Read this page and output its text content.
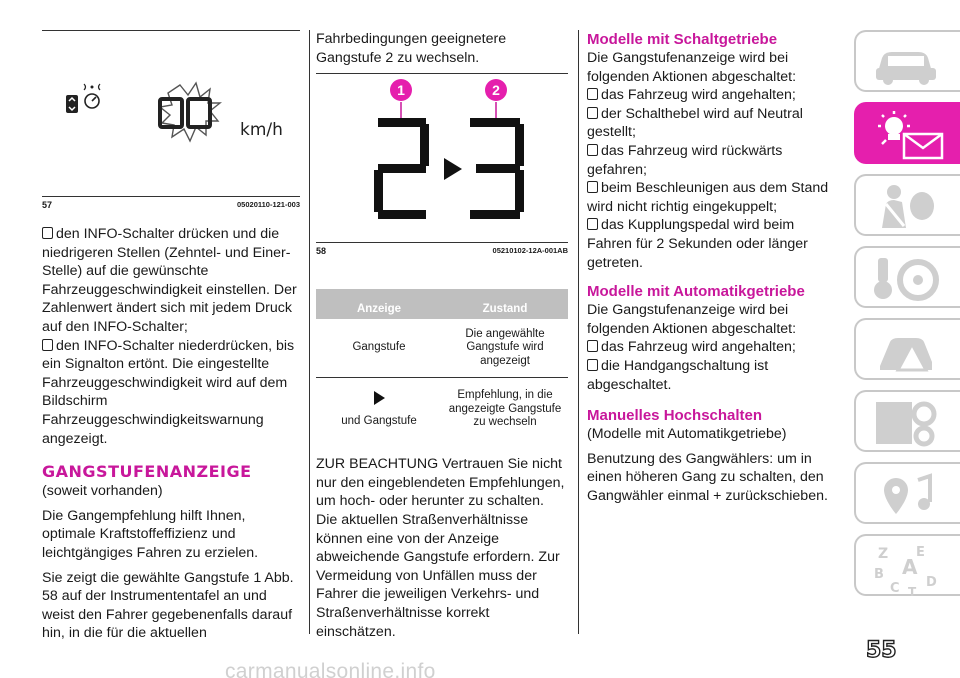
km/h
57	05020110-121-003

den INFO-Schalter drücken und die niedrigeren Stellen (Zehntel- und Einer-Stelle) auf die gewünschte Fahrzeuggeschwindigkeit einstellen. Der Zahlenwert ändert sich mit jedem Druck auf den INFO-Schalter;

den INFO-Schalter niederdrücken, bis ein Signalton ertönt. Die eingestellte Fahrzeuggeschwindigkeit wird auf dem Bildschirm Fahrzeuggeschwindigkeitswarnung angezeigt.

GANGSTUFENANZEIGE

(soweit vorhanden)

Die Gangempfehlung hilft Ihnen, optimale Kraftstoffeffizienz und leichtgängiges Fahren zu erzielen.

Sie zeigt die gewählte Gangstufe 1 Abb. 58 auf der Instrumententafel an und weist den Fahrer gegebenenfalls darauf hin, in die für die aktuellen

Fahrbedingungen geeignetere Gangstufe 2 zu wechseln.

1	2
58	05210102-12A-001AB
Anzeige	Zustand
Gangstufe	Die angewählte Gangstufe wird angezeigt

und Gangstufe	Empfehlung, in die angezeigte Gangstufe zu wechseln

ZUR BEACHTUNG Vertrauen Sie nicht nur den eingeblendeten Empfehlungen, um hoch- oder herunter zu schalten. Die aktuellen Straßenverhältnisse können eine von der Anzeige abweichende Gangstufe erfordern. Zur Vermeidung von Unfällen muss der Fahrer die jeweiligen Verkehrs- und Straßenverhältnisse korrekt einschätzen.

Modelle mit Schaltgetriebe

Die Gangstufenanzeige wird bei folgenden Aktionen abgeschaltet:

das Fahrzeug wird angehalten;

der Schalthebel wird auf Neutral gestellt;

das Fahrzeug wird rückwärts gefahren;

beim Beschleunigen aus dem Stand wird nicht richtig eingekuppelt;

das Kupplungspedal wird beim Fahren für 2 Sekunden oder länger getreten.

Modelle mit Automatikgetriebe

Die Gangstufenanzeige wird bei folgenden Aktionen abgeschaltet:

das Fahrzeug wird angehalten;

die Handgangschaltung ist abgeschaltet.

Manuelles Hochschalten

(Modelle mit Automatikgetriebe)

Benutzung des Gangwählers: um in einen höheren Gang zu schalten, den Gangwähler einmal + zurückschieben.

Z E
B A
C D
T
55
carmanualsonline.info
